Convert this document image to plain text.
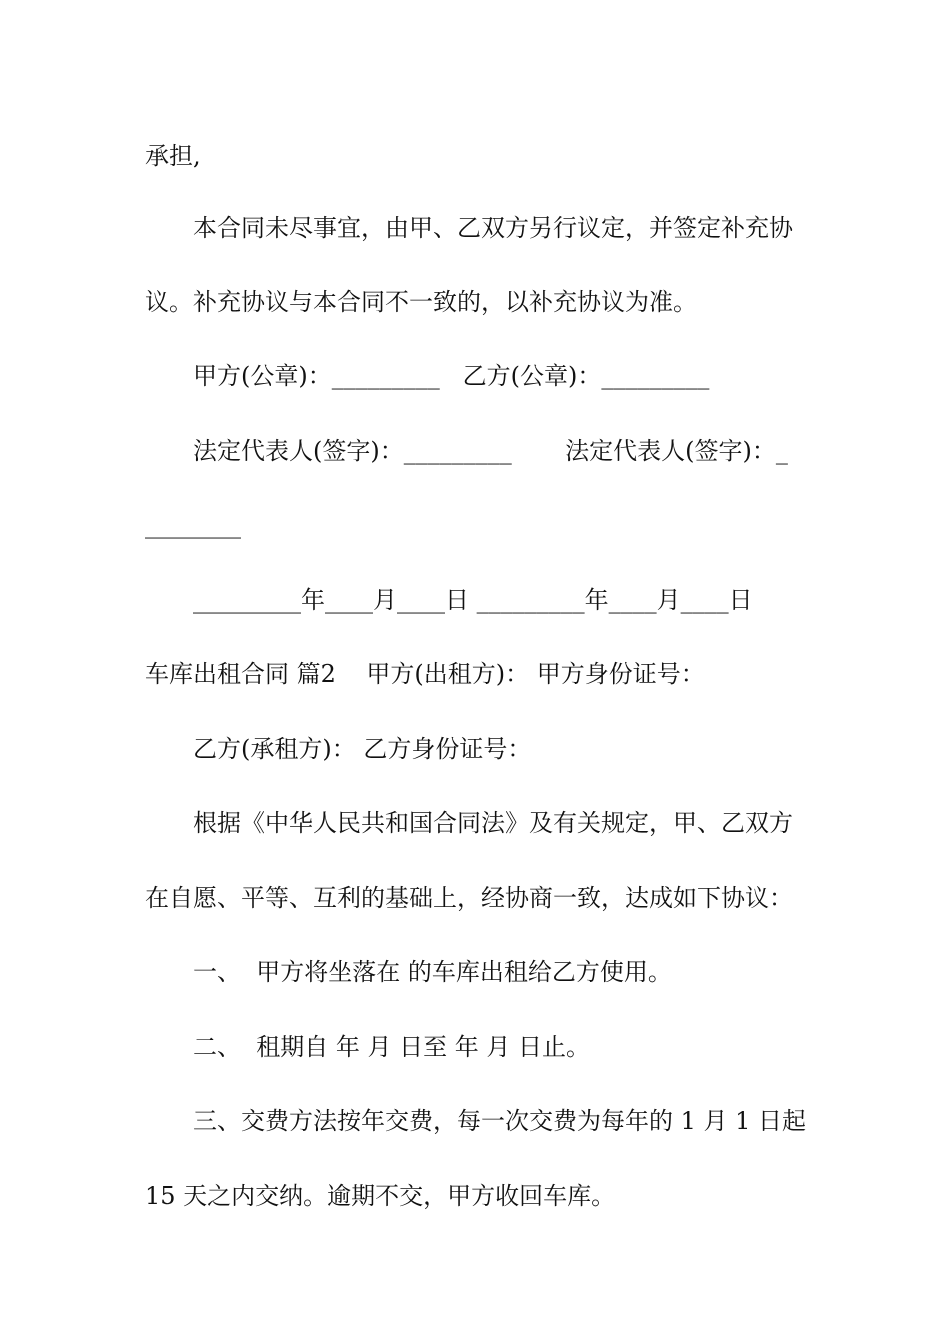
承担,
本合同未尽事宜，由甲、乙双方另行议定，并签定补充协
议。补充协议与本合同不一致的，以补充协议为准。
甲方(公章)：_________   乙方(公章)：_________
法定代表人(签字)：_________       法定代表人(签字)：_
________
_________年____月____日 _________年____月____日
车库出租合同 篇2    甲方(出租方)： 甲方身份证号：
乙方(承租方)： 乙方身份证号：
根据《中华人民共和国合同法》及有关规定，甲、乙双方
在自愿、平等、互利的基础上，经协商一致，达成如下协议：
一、  甲方将坐落在 的车库出租给乙方使用。
二、  租期自 年 月 日至 年 月 日止。
三、交费方法按年交费，每一次交费为每年的 1 月 1 日起
15 天之内交纳。逾期不交，甲方收回车库。
